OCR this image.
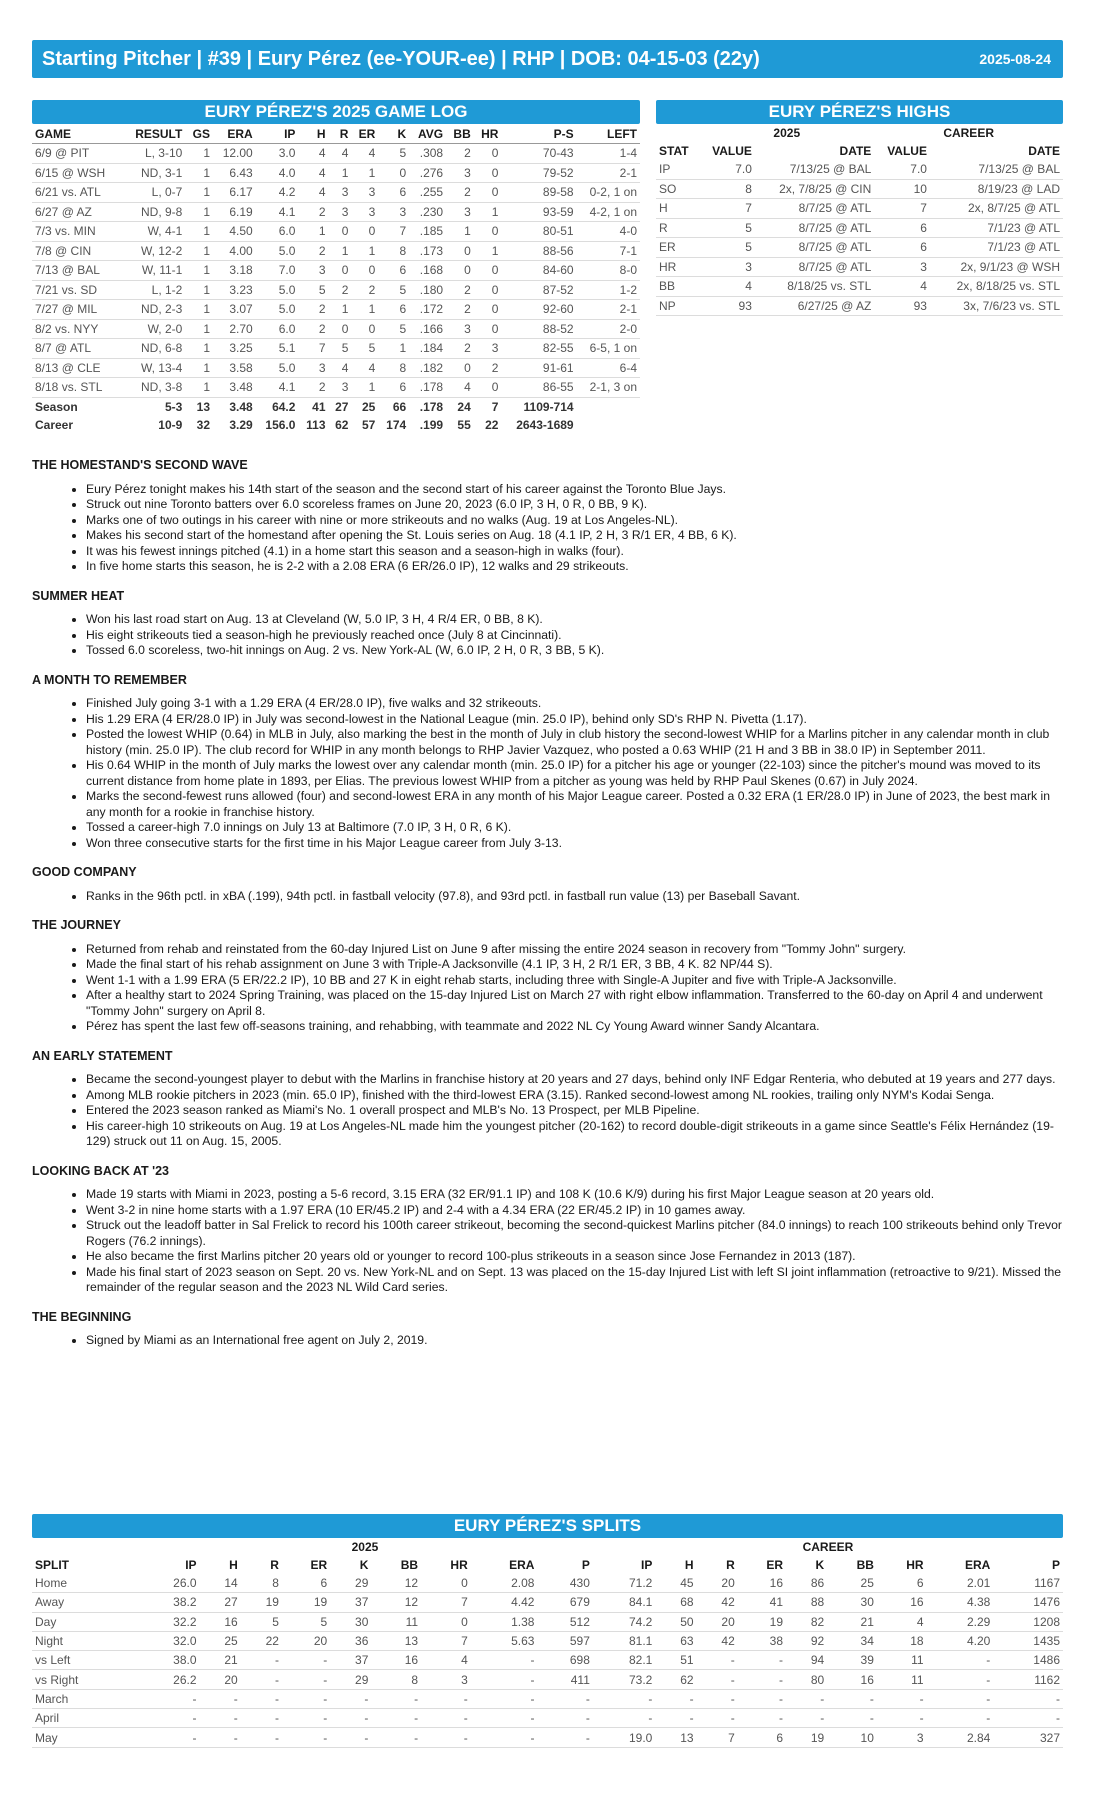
Starting Pitcher | #39 | Eury Pérez (ee-YOUR-ee) | RHP | DOB: 04-15-03 (22y)	2025-08-24
EURY PÉREZ'S 2025 GAME LOG
GAME	RESULT	GS	ERA	IP	H	R	ER	K	AVG	BB	HR	P-S	LEFT
6/9 @ PIT	L, 3-10	1	12.00	3.0	4	4	4	5	.308	2	0	70-43	1-4
6/15 @ WSH	ND, 3-1	1	6.43	4.0	4	1	1	0	.276	3	0	79-52	2-1
6/21 vs. ATL	L, 0-7	1	6.17	4.2	4	3	3	6	.255	2	0	89-58	0-2, 1 on
6/27 @ AZ	ND, 9-8	1	6.19	4.1	2	3	3	3	.230	3	1	93-59	4-2, 1 on
7/3 vs. MIN	W, 4-1	1	4.50	6.0	1	0	0	7	.185	1	0	80-51	4-0
7/8 @ CIN	W, 12-2	1	4.00	5.0	2	1	1	8	.173	0	1	88-56	7-1
7/13 @ BAL	W, 11-1	1	3.18	7.0	3	0	0	6	.168	0	0	84-60	8-0
7/21 vs. SD	L, 1-2	1	3.23	5.0	5	2	2	5	.180	2	0	87-52	1-2
7/27 @ MIL	ND, 2-3	1	3.07	5.0	2	1	1	6	.172	2	0	92-60	2-1
8/2 vs. NYY	W, 2-0	1	2.70	6.0	2	0	0	5	.166	3	0	88-52	2-0
8/7 @ ATL	ND, 6-8	1	3.25	5.1	7	5	5	1	.184	2	3	82-55	6-5, 1 on
8/13 @ CLE	W, 13-4	1	3.58	5.0	3	4	4	8	.182	0	2	91-61	6-4
8/18 vs. STL	ND, 3-8	1	3.48	4.1	2	3	1	6	.178	4	0	86-55	2-1, 3 on
Season	5-3	13	3.48	64.2	41	27	25	66	.178	24	7	1109-714	
Career	10-9	32	3.29	156.0	113	62	57	174	.199	55	22	2643-1689	
EURY PÉREZ'S HIGHS
	2025		CAREER	
STAT	VALUE	DATE	VALUE	DATE
IP	7.0	7/13/25 @ BAL	7.0	7/13/25 @ BAL
SO	8	2x, 7/8/25 @ CIN	10	8/19/23 @ LAD
H	7	8/7/25 @ ATL	7	2x, 8/7/25 @ ATL
R	5	8/7/25 @ ATL	6	7/1/23 @ ATL
ER	5	8/7/25 @ ATL	6	7/1/23 @ ATL
HR	3	8/7/25 @ ATL	3	2x, 9/1/23 @ WSH
BB	4	8/18/25 vs. STL	4	2x, 8/18/25 vs. STL
NP	93	6/27/25 @ AZ	93	3x, 7/6/23 vs. STL
THE HOMESTAND'S SECOND WAVE
• Eury Pérez tonight makes his 14th start of the season and the second start of his career against the Toronto Blue Jays.
• Struck out nine Toronto batters over 6.0 scoreless frames on June 20, 2023 (6.0 IP, 3 H, 0 R, 0 BB, 9 K).
• Marks one of two outings in his career with nine or more strikeouts and no walks (Aug. 19 at Los Angeles-NL).
• Makes his second start of the homestand after opening the St. Louis series on Aug. 18 (4.1 IP, 2 H, 3 R/1 ER, 4 BB, 6 K).
• It was his fewest innings pitched (4.1) in a home start this season and a season-high in walks (four).
• In five home starts this season, he is 2-2 with a 2.08 ERA (6 ER/26.0 IP), 12 walks and 29 strikeouts.
SUMMER HEAT
• Won his last road start on Aug. 13 at Cleveland (W, 5.0 IP, 3 H, 4 R/4 ER, 0 BB, 8 K).
• His eight strikeouts tied a season-high he previously reached once (July 8 at Cincinnati).
• Tossed 6.0 scoreless, two-hit innings on Aug. 2 vs. New York-AL (W, 6.0 IP, 2 H, 0 R, 3 BB, 5 K).
A MONTH TO REMEMBER
• Finished July going 3-1 with a 1.29 ERA (4 ER/28.0 IP), five walks and 32 strikeouts.
• His 1.29 ERA (4 ER/28.0 IP) in July was second-lowest in the National League (min. 25.0 IP), behind only SD's RHP N. Pivetta (1.17).
• Posted the lowest WHIP (0.64) in MLB in July, also marking the best in the month of July in club history the second-lowest WHIP for a Marlins pitcher in any calendar month in club history (min. 25.0 IP). The club record for WHIP in any month belongs to RHP Javier Vazquez, who posted a 0.63 WHIP (21 H and 3 BB in 38.0 IP) in September 2011.
• His 0.64 WHIP in the month of July marks the lowest over any calendar month (min. 25.0 IP) for a pitcher his age or younger (22-103) since the pitcher's mound was moved to its current distance from home plate in 1893, per Elias. The previous lowest WHIP from a pitcher as young was held by RHP Paul Skenes (0.67) in July 2024.
• Marks the second-fewest runs allowed (four) and second-lowest ERA in any month of his Major League career. Posted a 0.32 ERA (1 ER/28.0 IP) in June of 2023, the best mark in any month for a rookie in franchise history.
• Tossed a career-high 7.0 innings on July 13 at Baltimore (7.0 IP, 3 H, 0 R, 6 K).
• Won three consecutive starts for the first time in his Major League career from July 3-13.
GOOD COMPANY
• Ranks in the 96th pctl. in xBA (.199), 94th pctl. in fastball velocity (97.8), and 93rd pctl. in fastball run value (13) per Baseball Savant.
THE JOURNEY
• Returned from rehab and reinstated from the 60-day Injured List on June 9 after missing the entire 2024 season in recovery from "Tommy John" surgery.
• Made the final start of his rehab assignment on June 3 with Triple-A Jacksonville (4.1 IP, 3 H, 2 R/1 ER, 3 BB, 4 K. 82 NP/44 S).
• Went 1-1 with a 1.99 ERA (5 ER/22.2 IP), 10 BB and 27 K in eight rehab starts, including three with Single-A Jupiter and five with Triple-A Jacksonville.
• After a healthy start to 2024 Spring Training, was placed on the 15-day Injured List on March 27 with right elbow inflammation. Transferred to the 60-day on April 4 and underwent "Tommy John" surgery on April 8.
• Pérez has spent the last few off-seasons training, and rehabbing, with teammate and 2022 NL Cy Young Award winner Sandy Alcantara.
AN EARLY STATEMENT
• Became the second-youngest player to debut with the Marlins in franchise history at 20 years and 27 days, behind only INF Edgar Renteria, who debuted at 19 years and 277 days.
• Among MLB rookie pitchers in 2023 (min. 65.0 IP), finished with the third-lowest ERA (3.15). Ranked second-lowest among NL rookies, trailing only NYM's Kodai Senga.
• Entered the 2023 season ranked as Miami's No. 1 overall prospect and MLB's No. 13 Prospect, per MLB Pipeline.
• His career-high 10 strikeouts on Aug. 19 at Los Angeles-NL made him the youngest pitcher (20-162) to record double-digit strikeouts in a game since Seattle's Félix Hernández (19-129) struck out 11 on Aug. 15, 2005.
LOOKING BACK AT '23
• Made 19 starts with Miami in 2023, posting a 5-6 record, 3.15 ERA (32 ER/91.1 IP) and 108 K (10.6 K/9) during his first Major League season at 20 years old.
• Went 3-2 in nine home starts with a 1.97 ERA (10 ER/45.2 IP) and 2-4 with a 4.34 ERA (22 ER/45.2 IP) in 10 games away.
• Struck out the leadoff batter in Sal Frelick to record his 100th career strikeout, becoming the second-quickest Marlins pitcher (84.0 innings) to reach 100 strikeouts behind only Trevor Rogers (76.2 innings).
• He also became the first Marlins pitcher 20 years old or younger to record 100-plus strikeouts in a season since Jose Fernandez in 2013 (187).
• Made his final start of 2023 season on Sept. 20 vs. New York-NL and on Sept. 13 was placed on the 15-day Injured List with left SI joint inflammation (retroactive to 9/21). Missed the remainder of the regular season and the 2023 NL Wild Card series.
THE BEGINNING
• Signed by Miami as an International free agent on July 2, 2019.
EURY PÉREZ'S SPLITS
	2025									CAREER								
SPLIT	IP	H	R	ER	K	BB	HR	ERA	P	IP	H	R	ER	K	BB	HR	ERA	P
Home	26.0	14	8	6	29	12	0	2.08	430	71.2	45	20	16	86	25	6	2.01	1167
Away	38.2	27	19	19	37	12	7	4.42	679	84.1	68	42	41	88	30	16	4.38	1476
Day	32.2	16	5	5	30	11	0	1.38	512	74.2	50	20	19	82	21	4	2.29	1208
Night	32.0	25	22	20	36	13	7	5.63	597	81.1	63	42	38	92	34	18	4.20	1435
vs Left	38.0	21	-	-	37	16	4	-	698	82.1	51	-	-	94	39	11	-	1486
vs Right	26.2	20	-	-	29	8	3	-	411	73.2	62	-	-	80	16	11	-	1162
March	-	-	-	-	-	-	-	-	-	-	-	-	-	-	-	-	-	-
April	-	-	-	-	-	-	-	-	-	-	-	-	-	-	-	-	-	-
May	-	-	-	-	-	-	-	-	-	19.0	13	7	6	19	10	3	2.84	327
